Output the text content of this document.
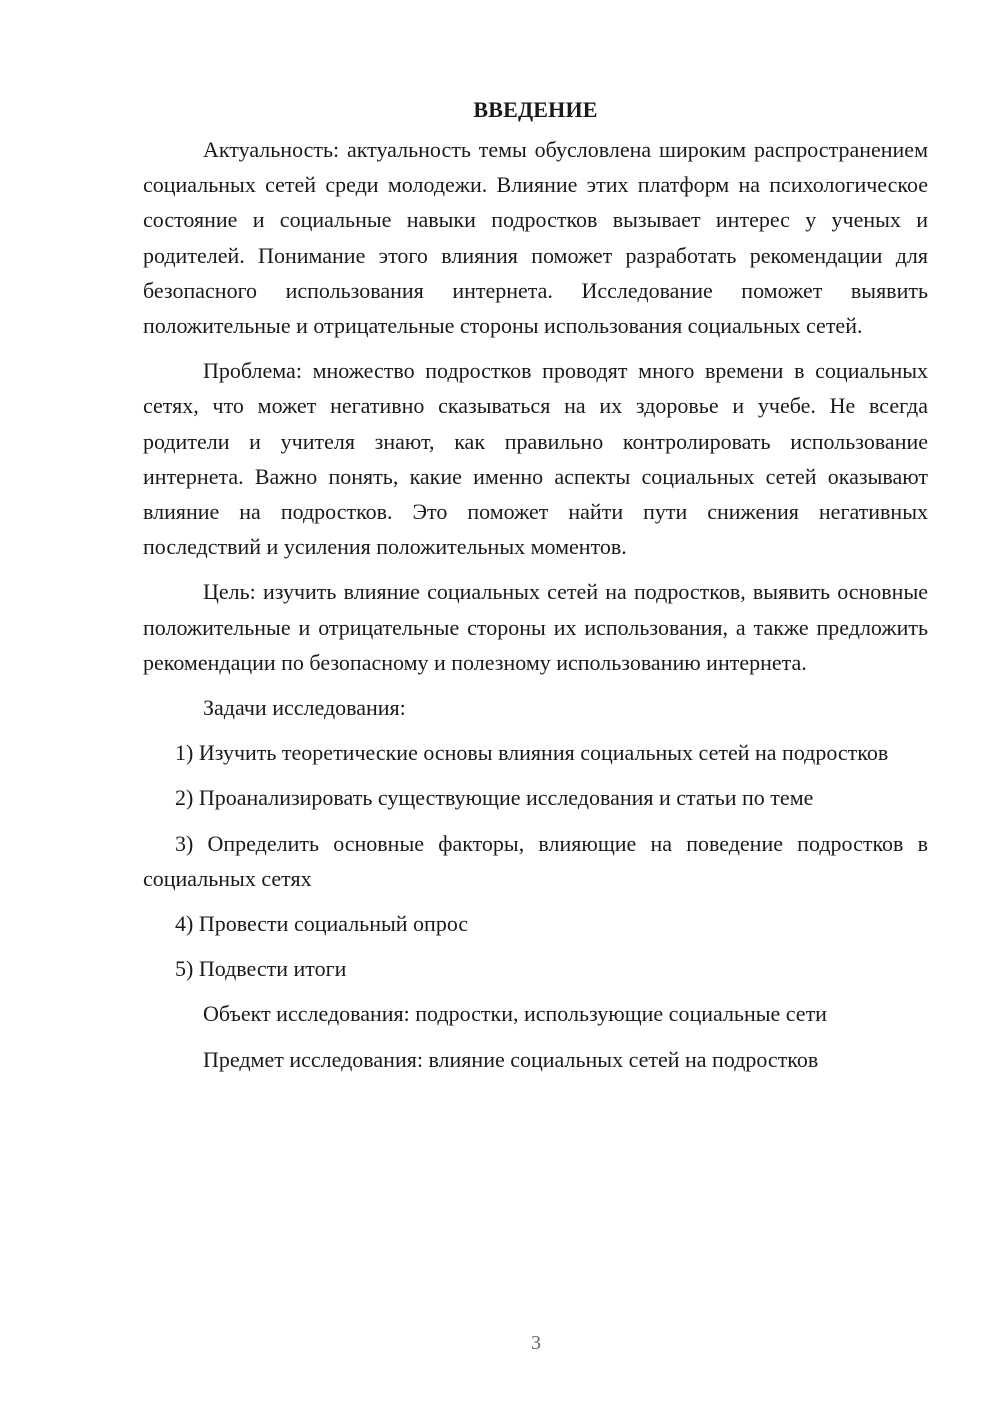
ВВЕДЕНИЕ

Актуальность: актуальность темы обусловлена широким распространением социальных сетей среди молодежи. Влияние этих платформ на психологическое состояние и социальные навыки подростков вызывает интерес у ученых и родителей. Понимание этого влияния поможет разработать рекомендации для безопасного использования интернета. Исследование поможет выявить положительные и отрицательные стороны использования социальных сетей.

Проблема: множество подростков проводят много времени в социальных сетях, что может негативно сказываться на их здоровье и учебе. Не всегда родители и учителя знают, как правильно контролировать использование интернета. Важно понять, какие именно аспекты социальных сетей оказывают влияние на подростков. Это поможет найти пути снижения негативных последствий и усиления положительных моментов.

Цель: изучить влияние социальных сетей на подростков, выявить основные положительные и отрицательные стороны их использования, а также предложить рекомендации по безопасному и полезному использованию интернета.

Задачи исследования:

1) Изучить теоретические основы влияния социальных сетей на подростков

2) Проанализировать существующие исследования и статьи по теме

3) Определить основные факторы, влияющие на поведение подростков в социальных сетях

4) Провести социальный опрос

5) Подвести итоги

Объект исследования: подростки, использующие социальные сети

Предмет исследования: влияние социальных сетей на подростков

3
